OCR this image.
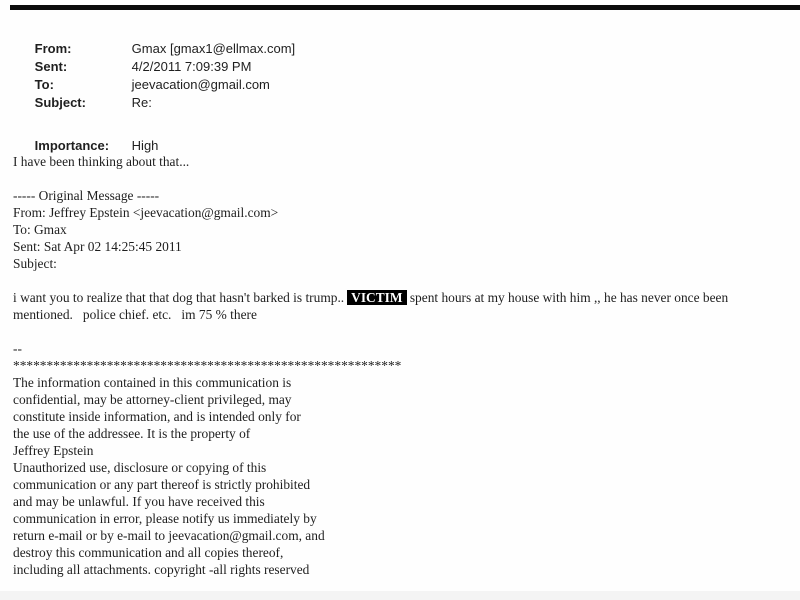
From:	Gmax [gmax1@ellmax.com]

Sent:	4/2/2011 7:09:39 PM

To:	jeevacation@gmail.com

Subject:	Re:

Importance: High

I have been thinking about that...
----- Original Message -----
From: Jeffrey Epstein <jeevacation@gmail.com>
To: Gmax
Sent: Sat Apr 02 14:25:45 2011
Subject:
i want you to realize that that dog that hasn't barked is trump.. VICTIM spent hours at my house with him ,, he has never once been
mentioned.   police chief. etc.   im 75 % there
--
**********************************************************
The information contained in this communication is
confidential, may be attorney-client privileged, may
constitute inside information, and is intended only for
the use of the addressee. It is the property of
Jeffrey Epstein
Unauthorized use, disclosure or copying of this
communication or any part thereof is strictly prohibited
and may be unlawful. If you have received this
communication in error, please notify us immediately by
return e-mail or by e-mail to jeevacation@gmail.com, and
destroy this communication and all copies thereof,
including all attachments. copyright -all rights reserved
